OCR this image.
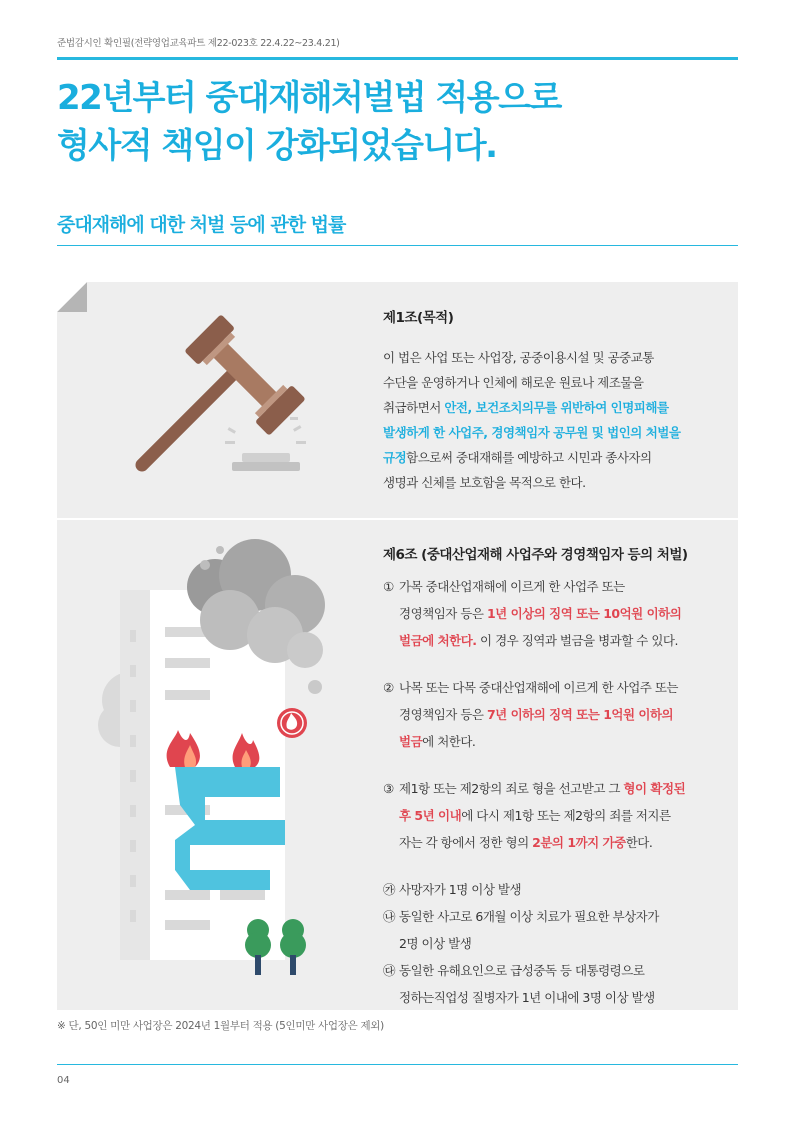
준법감시인 확인필(전략영업교육파트 제22-023호 22.4.22~23.4.21)
22년부터 중대재해처벌법 적용으로
형사적 책임이 강화되었습니다.
중대재해에 대한 처벌 등에 관한 법률
제1조(목적)
이 법은 사업 또는 사업장, 공중이용시설 및 공중교통
수단을 운영하거나 인체에 해로운 원료나 제조물을
취급하면서 안전, 보건조치의무를 위반하여 인명피해를
발생하게 한 사업주, 경영책임자 공무원 및 법인의 처벌을
규정함으로써 중대재해를 예방하고 시민과 종사자의
생명과 신체를 보호함을 목적으로 한다.
제6조 (중대산업재해 사업주와 경영책임자 등의 처벌)
① 가목 중대산업재해에 이르게 한 사업주 또는
경영책임자 등은 1년 이상의 징역 또는 10억원 이하의
벌금에 처한다. 이 경우 징역과 벌금을 병과할 수 있다.
② 나목 또는 다목 중대산업재해에 이르게 한 사업주 또는
경영책임자 등은 7년 이하의 징역 또는 1억원 이하의
벌금에 처한다.
③ 제1항 또는 제2항의 죄로 형을 선고받고 그 형이 확정된
후 5년 이내에 다시 제1항 또는 제2항의 죄를 저지른
자는 각 항에서 정한 형의 2분의 1까지 가중한다.
㉮ 사망자가 1명 이상 발생
㉯ 동일한 사고로 6개월 이상 치료가 필요한 부상자가
2명 이상 발생
㉰ 동일한 유해요인으로 급성중독 등 대통령령으로
정하는직업성 질병자가 1년 이내에 3명 이상 발생
※ 단, 50인 미만 사업장은 2024년 1월부터 적용 (5인미만 사업장은 제외)
04
